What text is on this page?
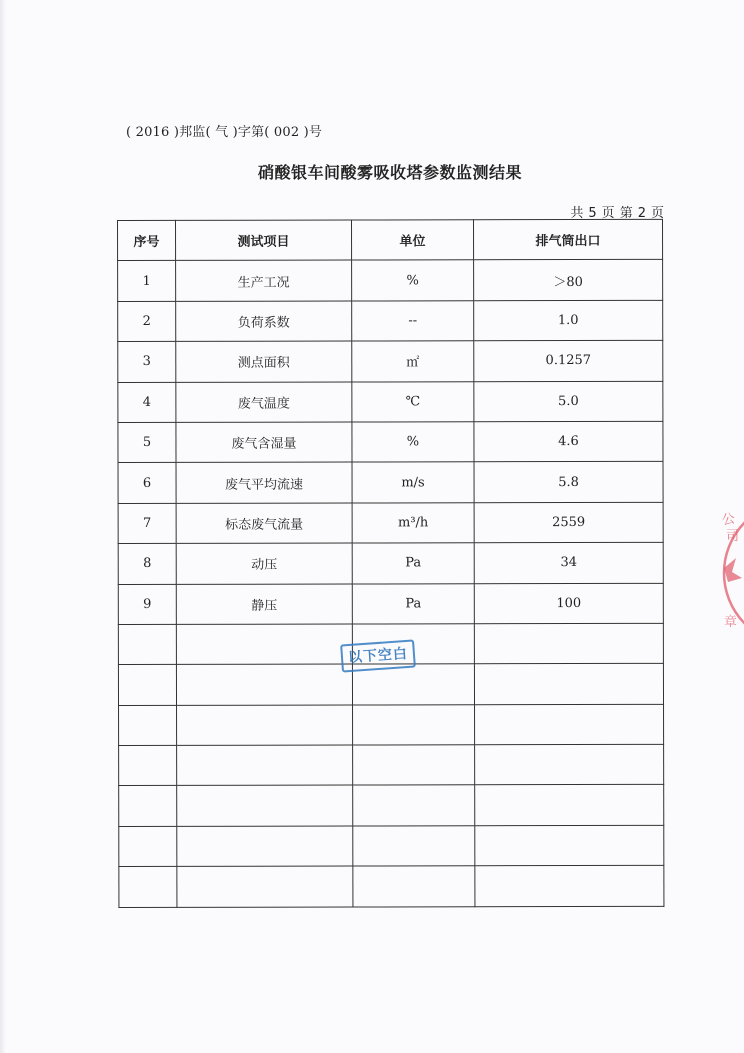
( 2016 )邦监( 气 )字第( 002 )号
硝酸银车间酸雾吸收塔参数监测结果
共 5 页 第 2 页
序号	测试项目	单位	排气筒出口
1	生产工况	%	＞80
2	负荷系数	--	1.0
3	测点面积	㎡	0.1257
4	废气温度	℃	5.0
5	废气含湿量	%	4.6
6	废气平均流速	m/s	5.8
7	标态废气流量	m³/h	2559
8	动压	Pa	34
9	静压	Pa	100

以下空白
公
司
章
